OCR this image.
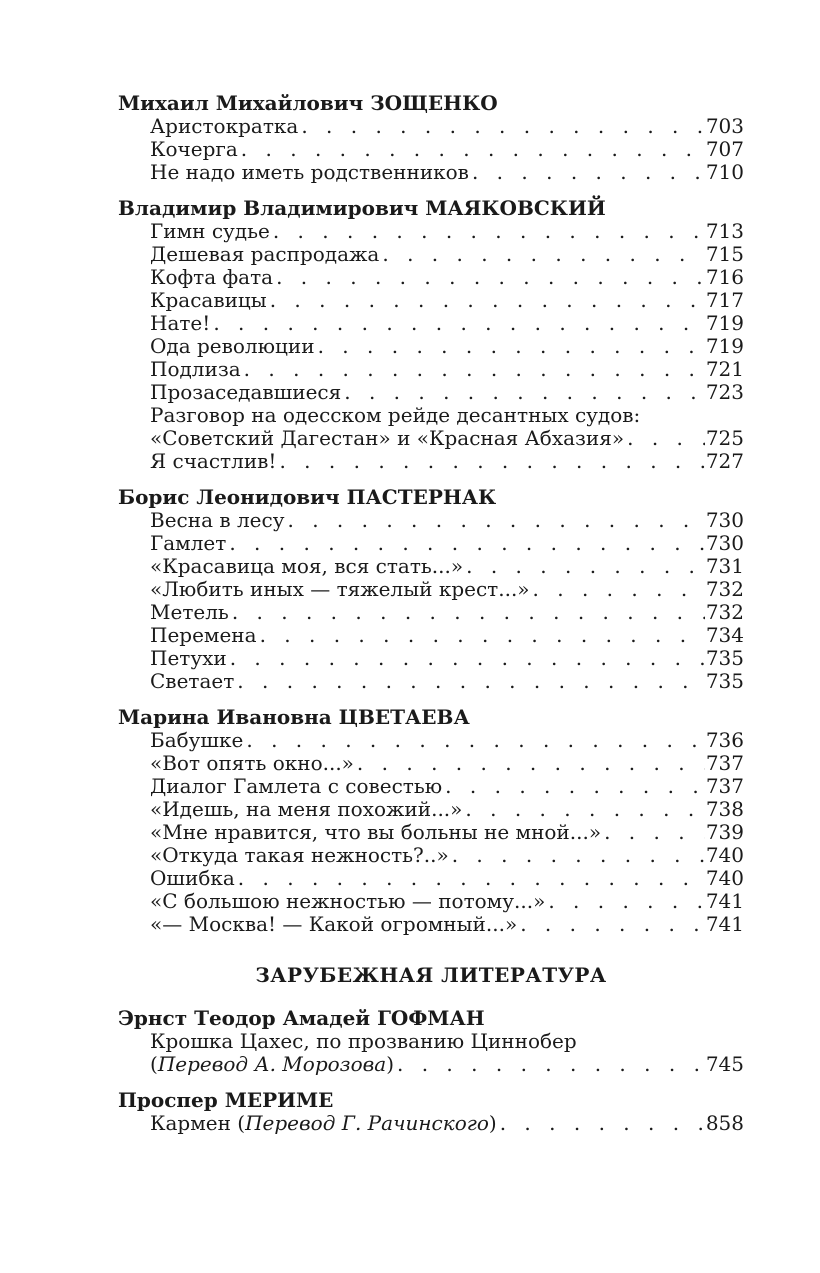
Михаил Михайлович ЗОЩЕНКО
Аристократка . . .	703
Кочерга . . .	707
Не надо иметь родственников . . .	710
Владимир Владимирович МАЯКОВСКИЙ
Гимн судье . . .	713
Дешевая распродажа . . .	715
Кофта фата . . .	716
Красавицы . . .	717
Нате! . . .	719
Ода революции . . .	719
Подлиза . . .	721
Прозаседавшиеся . . .	723
Разговор на одесском рейде десантных судов:
«Советский Дагестан» и «Красная Абхазия» . . .	725
Я счастлив! . . .	727
Борис Леонидович ПАСТЕРНАК
Весна в лесу . . .	730
Гамлет . . .	730
«Красавица моя, вся стать...» . . .	731
«Любить иных — тяжелый крест...» . . .	732
Метель . . .	732
Перемена . . .	734
Петухи . . .	735
Светает . . .	735
Марина Ивановна ЦВЕТАЕВА
Бабушке . . .	736
«Вот опять окно...» . . .	737
Диалог Гамлета с совестью . . .	737
«Идешь, на меня похожий...» . . .	738
«Мне нравится, что вы больны не мной...» . . .	739
«Откуда такая нежность?..» . . .	740
Ошибка . . .	740
«С большою нежностью — потому...» . . .	741
«— Москва! — Какой огромный...» . . .	741
ЗАРУБЕЖНАЯ ЛИТЕРАТУРА
Эрнст Теодор Амадей ГОФМАН
Крошка Цахес, по прозванию Циннобер
(Перевод А. Морозова) . . .	745
Проспер МЕРИМЕ
Кармен (Перевод Г. Рачинского) . . .	858
